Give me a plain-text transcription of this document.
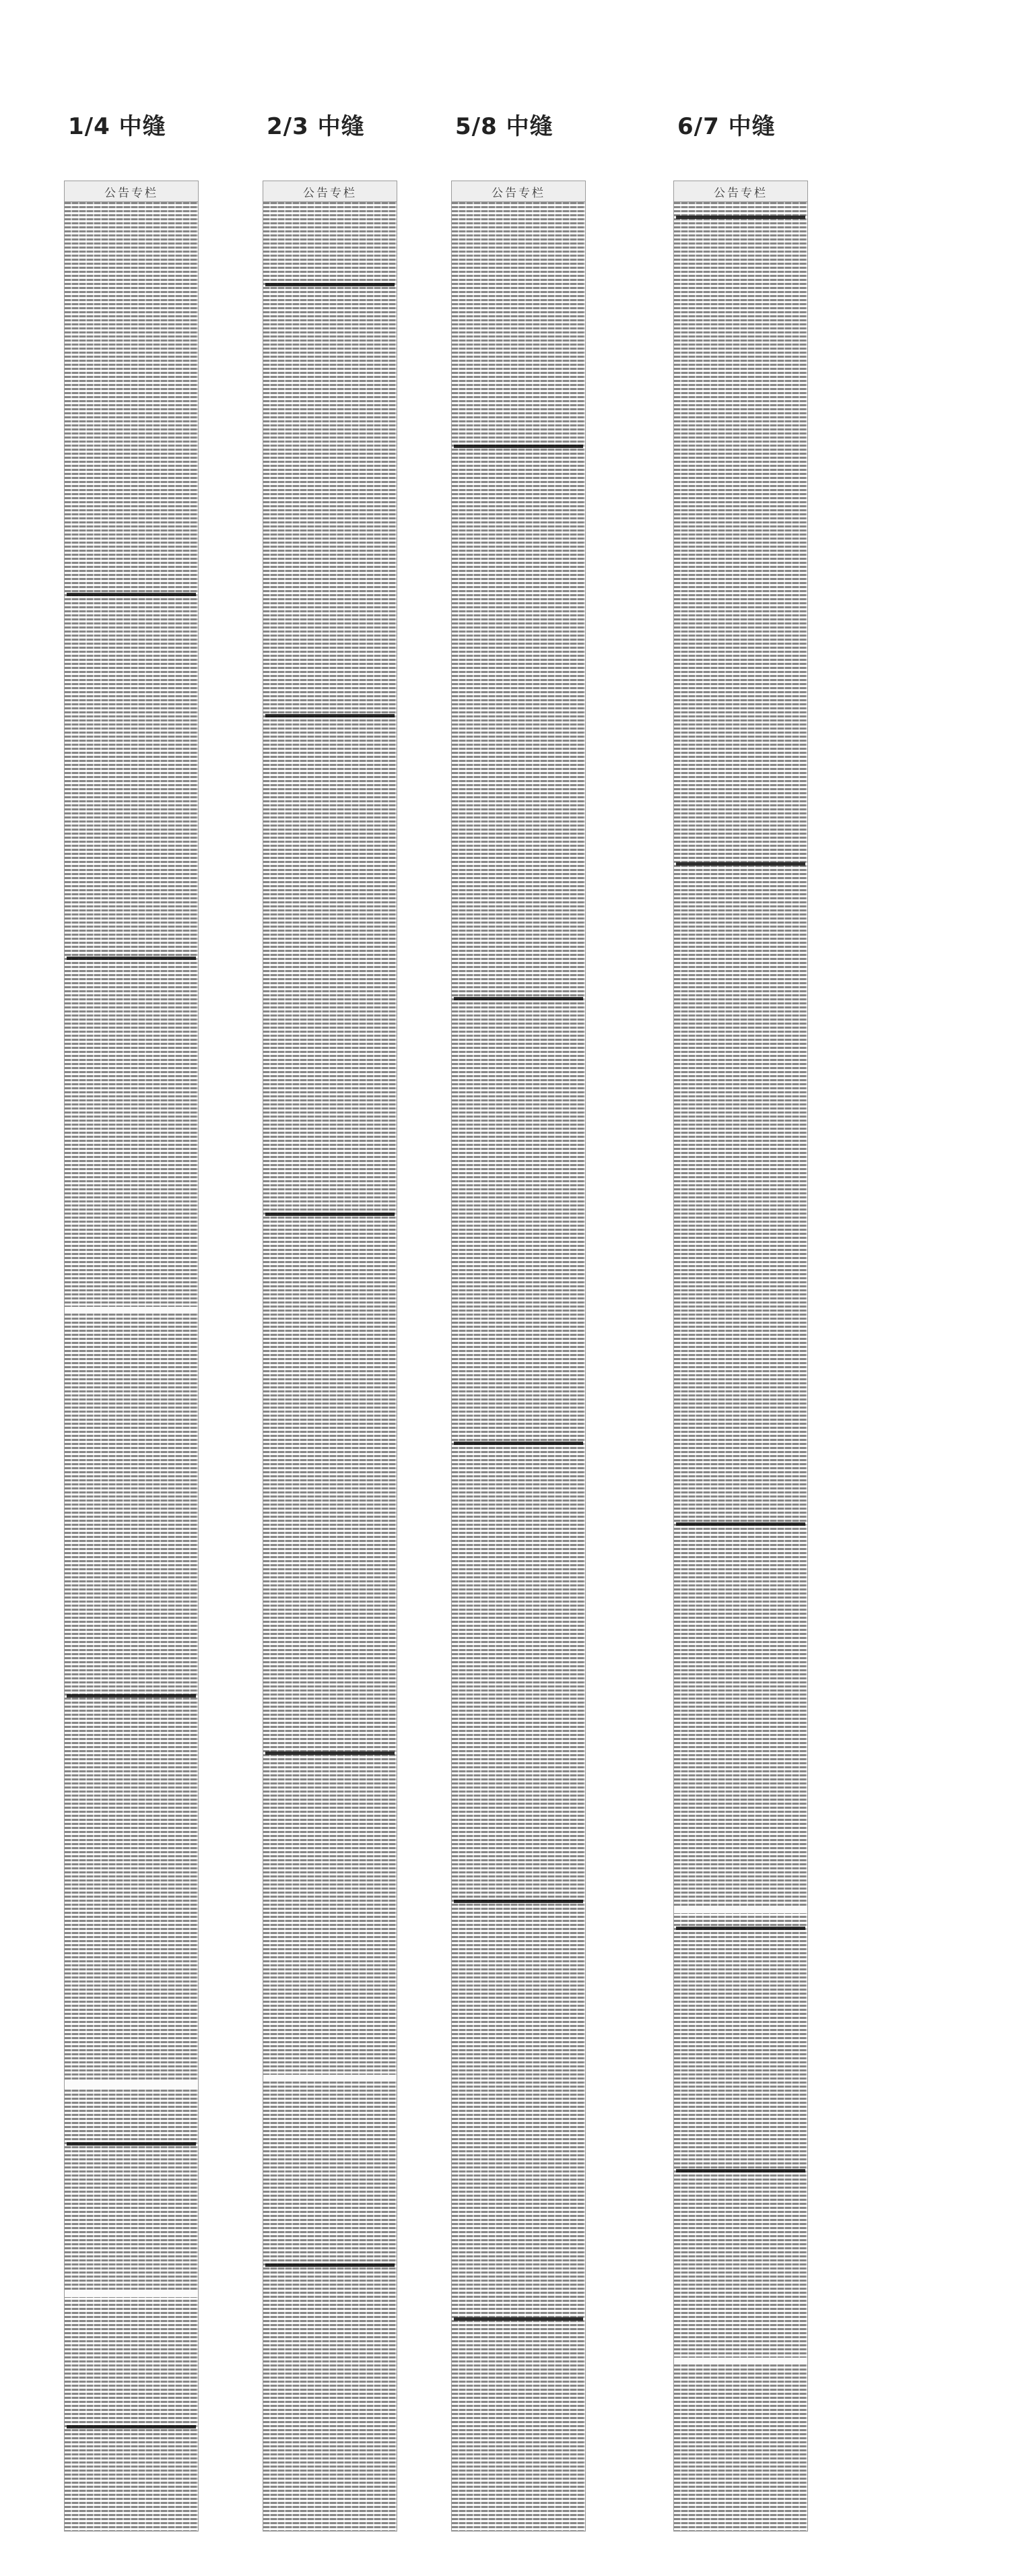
1/4 中缝
公告专栏
2/3 中缝
公告专栏
5/8 中缝
公告专栏
6/7 中缝
公告专栏
